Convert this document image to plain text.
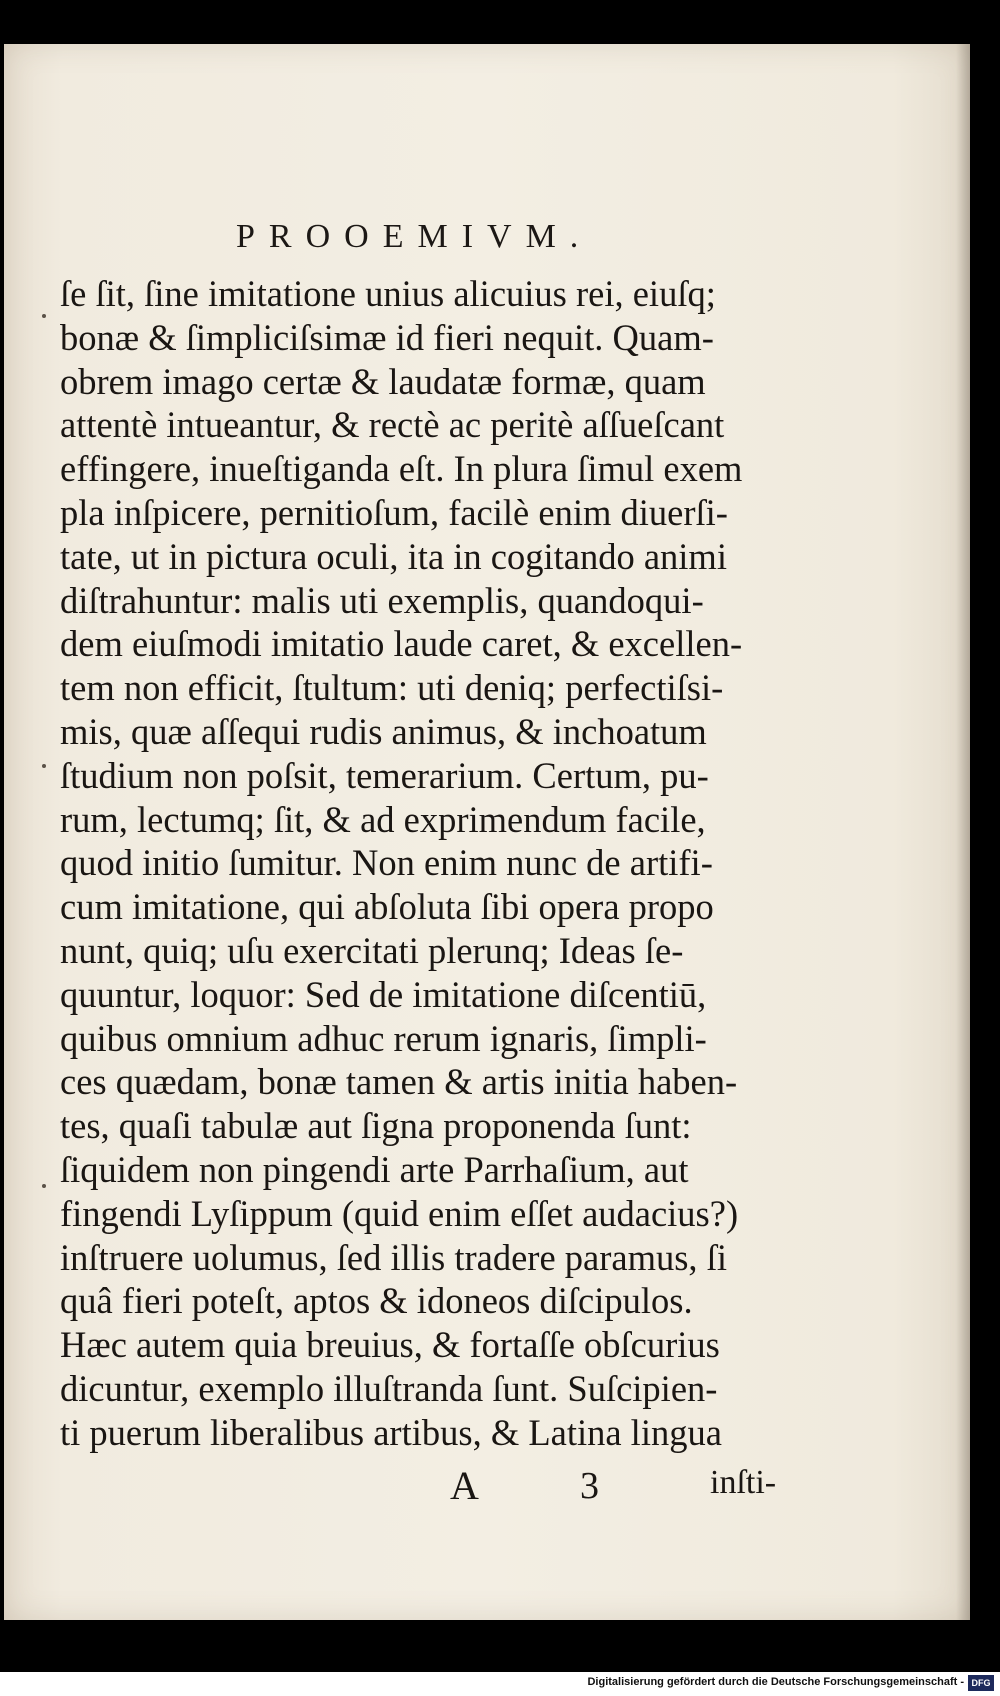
PROOEMIVM.
ſe ſit, ſine imitatione unius alicuius rei, eiuſq;
bonæ & ſimpliciſsimæ id fieri nequit. Quam-
obrem imago certæ & laudatæ formæ, quam
attentè intueantur, & rectè ac peritè aſſueſcant
effingere, inueſtiganda eſt. In plura ſimul exem
pla inſpicere, pernitioſum, facilè enim diuerſi-
tate, ut in pictura oculi, ita in cogitando animi
diſtrahuntur: malis uti exemplis, quandoqui-
dem eiuſmodi imitatio laude caret, & excellen-
tem non efficit, ſtultum: uti deniq; perfectiſsi-
mis, quæ aſſequi rudis animus, & inchoatum
ſtudium non poſsit, temerarium. Certum, pu-
rum, lectumq; ſit, & ad exprimendum facile,
quod initio ſumitur. Non enim nunc de artifi-
cum imitatione, qui abſoluta ſibi opera propo
nunt, quiq; uſu exercitati plerunq; Ideas ſe-
quuntur, loquor: Sed de imitatione diſcentiū,
quibus omnium adhuc rerum ignaris, ſimpli-
ces quædam, bonæ tamen & artis initia haben-
tes, quaſi tabulæ aut ſigna proponenda ſunt:
ſiquidem non pingendi arte Parrhaſium, aut
fingendi Lyſippum (quid enim eſſet audacius?)
inſtruere uolumus, ſed illis tradere paramus, ſi
quâ fieri poteſt, aptos & idoneos diſcipulos.
Hæc autem quia breuius, & fortaſſe obſcurius
dicuntur, exemplo illuſtranda ſunt. Suſcipien-
ti puerum liberalibus artibus, & Latina lingua
A	3	inſti-
Digitalisierung gefördert durch die Deutsche Forschungsgemeinschaft - DFG
